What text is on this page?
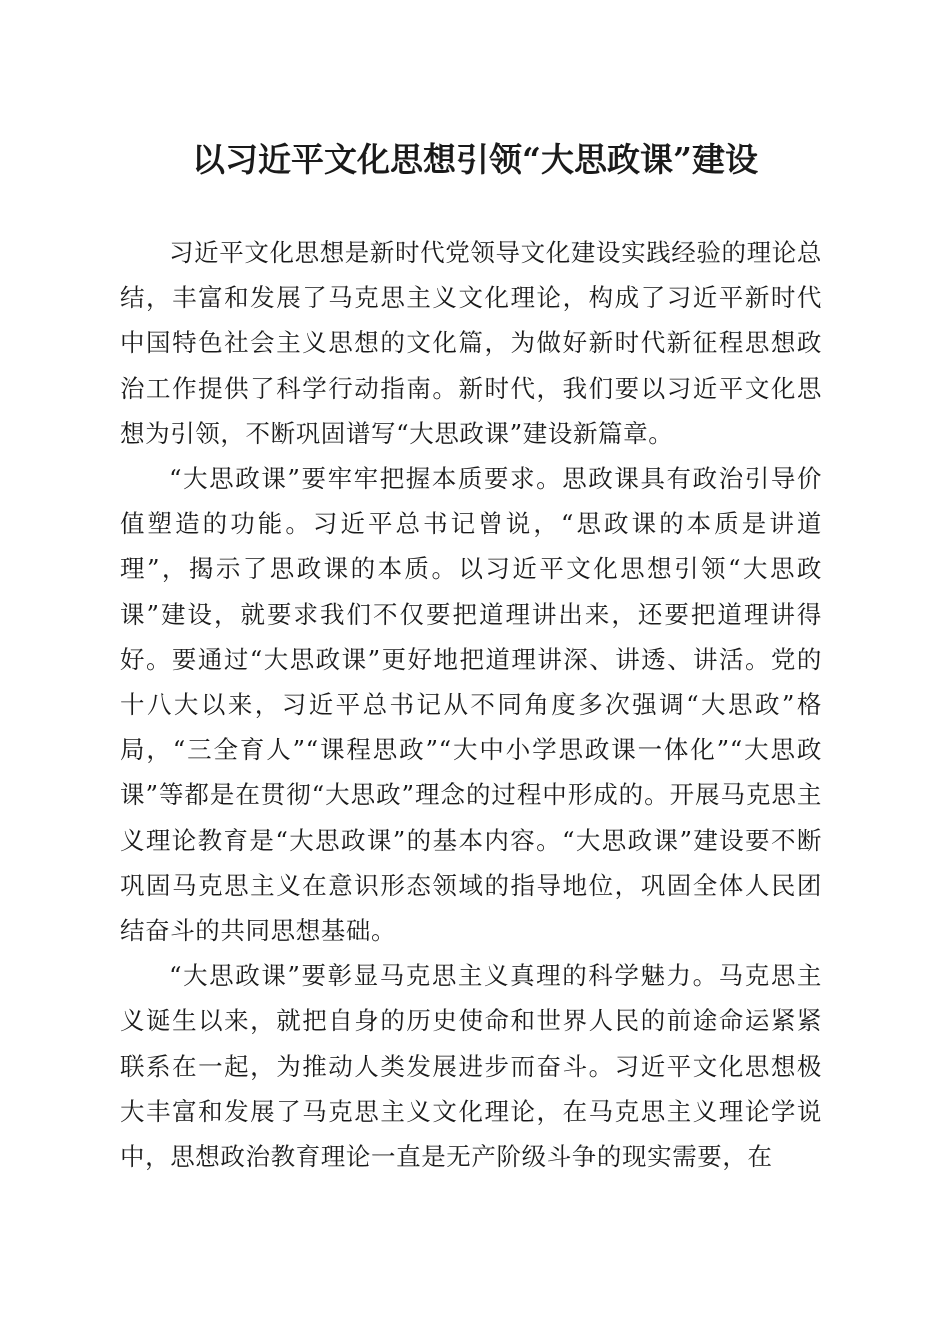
以习近平文化思想引领“大思政课”建设

习近平文化思想是新时代党领导文化建设实践经验的理论总结，丰富和发展了马克思主义文化理论，构成了习近平新时代中国特色社会主义思想的文化篇，为做好新时代新征程思想政治工作提供了科学行动指南。新时代，我们要以习近平文化思想为引领，不断巩固谱写“大思政课”建设新篇章。

“大思政课”要牢牢把握本质要求。思政课具有政治引导价值塑造的功能。习近平总书记曾说，“思政课的本质是讲道理”，揭示了思政课的本质。以习近平文化思想引领“大思政课”建设，就要求我们不仅要把道理讲出来，还要把道理讲得好。要通过“大思政课”更好地把道理讲深、讲透、讲活。党的十八大以来，习近平总书记从不同角度多次强调“大思政”格局，“三全育人”“课程思政”“大中小学思政课一体化”“大思政课”等都是在贯彻“大思政”理念的过程中形成的。开展马克思主义理论教育是“大思政课”的基本内容。“大思政课”建设要不断巩固马克思主义在意识形态领域的指导地位，巩固全体人民团结奋斗的共同思想基础。

“大思政课”要彰显马克思主义真理的科学魅力。马克思主义诞生以来，就把自身的历史使命和世界人民的前途命运紧紧联系在一起，为推动人类发展进步而奋斗。习近平文化思想极大丰富和发展了马克思主义文化理论，在马克思主义理论学说中，思想政治教育理论一直是无产阶级斗争的现实需要，在
